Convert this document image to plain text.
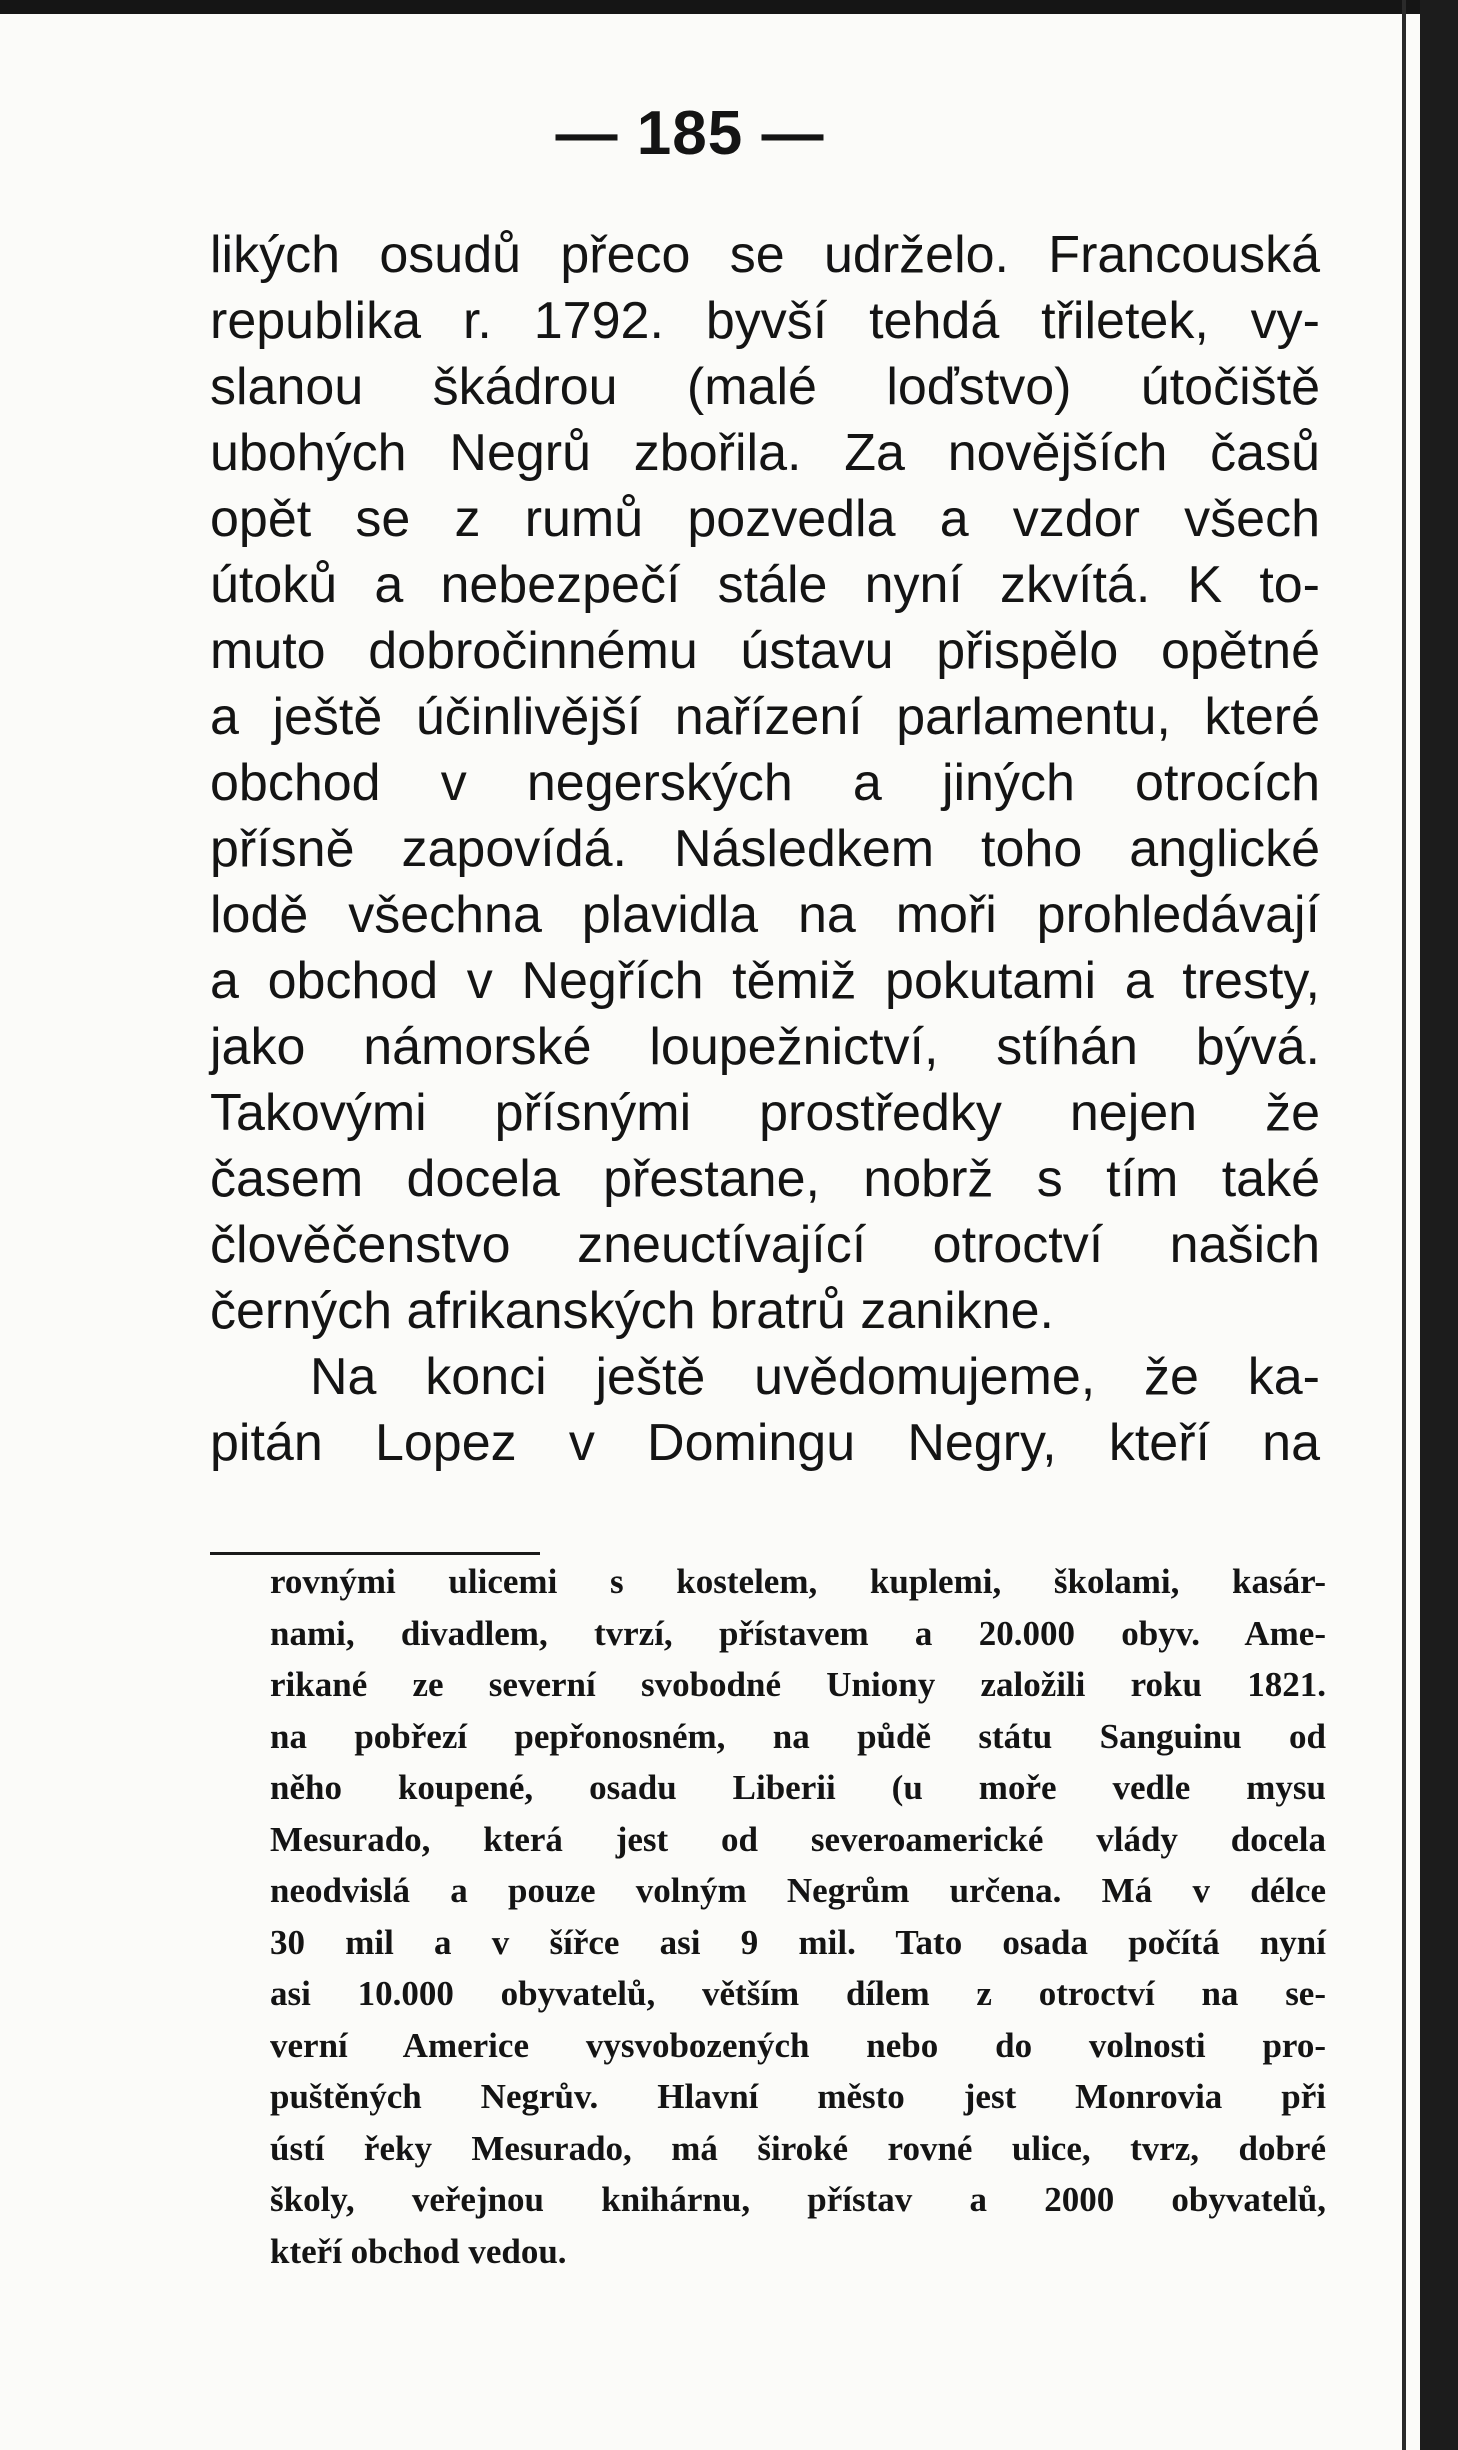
— 185 —

likých osudů přeco se udrželo. Francouská
republika r. 1792. byvší tehdá třiletek, vy-
slanou škádrou (malé loďstvo) útočiště
ubohých Negrů zbořila. Za novějších časů
opět se z rumů pozvedla a vzdor všech
útoků a nebezpečí stále nyní zkvítá. K to-
muto dobročinnému ústavu přispělo opětné
a ještě účinlivější nařízení parlamentu, které
obchod v negerských a jiných otrocích
přísně zapovídá. Následkem toho anglické
lodě všechna plavidla na moři prohledávají
a obchod v Negřích těmiž pokutami a tresty,
jako námorské loupežnictví, stíhán bývá.
Takovými přísnými prostředky nejen že
časem docela přestane, nobrž s tím také
člověčenstvo zneuctívající otroctví našich
černých afrikanských bratrů zanikne.
Na konci ještě uvědomujeme, že ka-
pitán Lopez v Domingu Negry, kteří na
rovnými ulicemi s kostelem, kuplemi, školami, kasár-
nami, divadlem, tvrzí, přístavem a 20.000 obyv. Ame-
rikané ze severní svobodné Uniony založili roku 1821.
na pobřezí pepřonosném, na půdě státu Sanguinu od
něho koupené, osadu Liberii (u moře vedle mysu
Mesurado, která jest od severoamerické vlády docela
neodvislá a pouze volným Negrům určena. Má v délce
30 mil a v šířce asi 9 mil. Tato osada počítá nyní
asi 10.000 obyvatelů, větším dílem z otroctví na se-
verní Americe vysvobozených nebo do volnosti pro-
puštěných Negrův. Hlavní město jest Monrovia při
ústí řeky Mesurado, má široké rovné ulice, tvrz, dobré
školy, veřejnou knihárnu, přístav a 2000 obyvatelů,
kteří obchod vedou.
